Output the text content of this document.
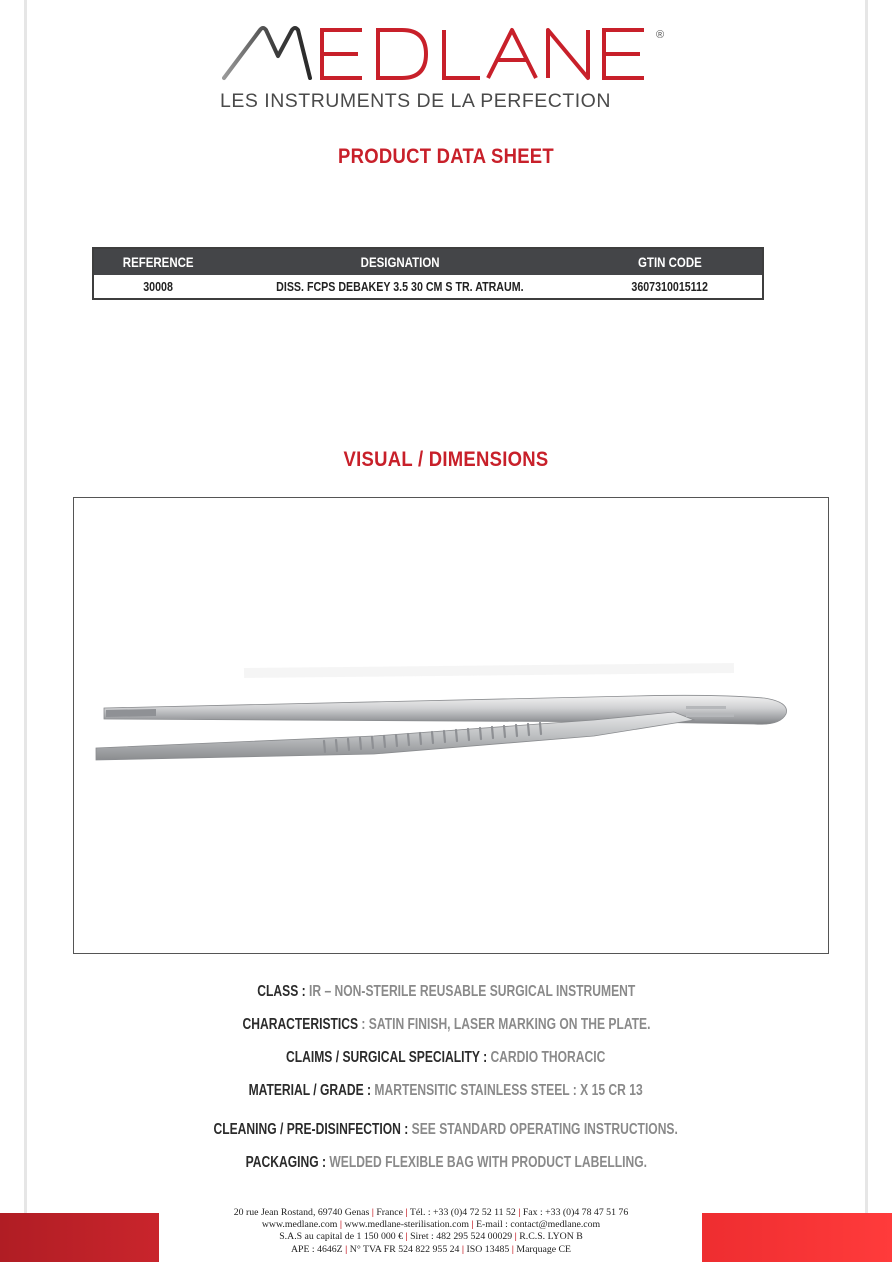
®
LES INSTRUMENTS DE LA PERFECTION
PRODUCT DATA SHEET
REFERENCE	DESIGNATION	GTIN CODE
30008	DISS. FCPS DEBAKEY 3.5 30 CM S TR. ATRAUM.	3607310015112
VISUAL / DIMENSIONS
CLASS : IR – NON-STERILE REUSABLE SURGICAL INSTRUMENT
CHARACTERISTICS : SATIN FINISH, LASER MARKING ON THE PLATE.
CLAIMS / SURGICAL SPECIALITY : CARDIO THORACIC
MATERIAL / GRADE : MARTENSITIC STAINLESS STEEL : X 15 CR 13
CLEANING / PRE-DISINFECTION : SEE STANDARD OPERATING INSTRUCTIONS.
PACKAGING : WELDED FLEXIBLE BAG WITH PRODUCT LABELLING.
20 rue Jean Rostand, 69740 Genas | France | Tél. : +33 (0)4 72 52 11 52 | Fax : +33 (0)4 78 47 51 76
www.medlane.com | www.medlane-sterilisation.com | E-mail : contact@medlane.com
S.A.S au capital de 1 150 000 € | Siret : 482 295 524 00029 | R.C.S. LYON B
APE : 4646Z | N° TVA FR 524 822 955 24 | ISO 13485 | Marquage CE
